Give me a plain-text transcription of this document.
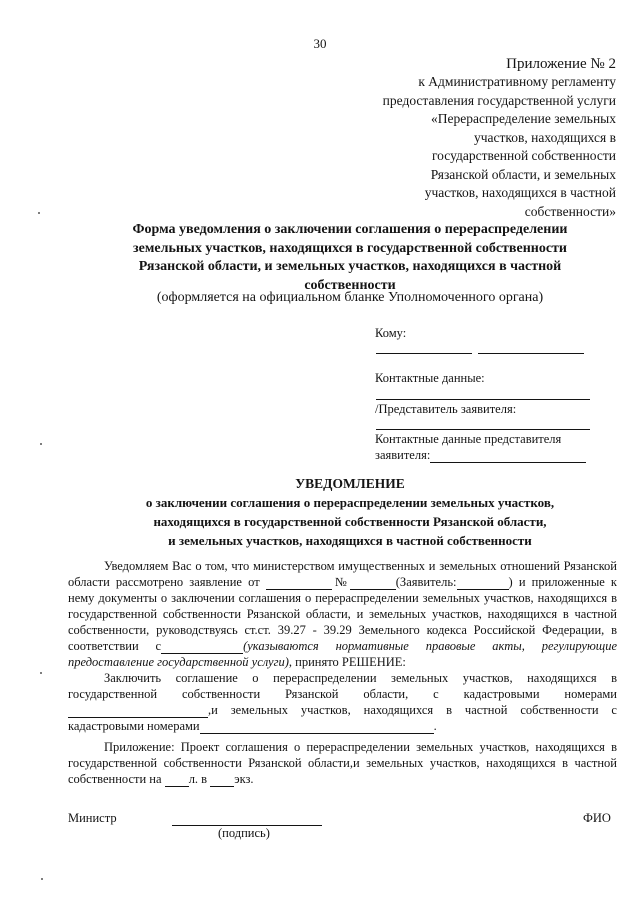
30
Приложение № 2
к Административному регламенту
предоставления государственной услуги
«Перераспределение земельных
участков, находящихся в
государственной собственности
Рязанской области, и земельных
участков, находящихся в частной
собственности»
Форма уведомления о заключении соглашения о перераспределении
земельных участков, находящихся в государственной собственности
Рязанской области, и земельных участков, находящихся в частной
собственности
(оформляется на официальном бланке Уполномоченного органа)
Кому:
Контактные данные:
/Представитель заявителя:
Контактные данные представителя
заявителя:
УВЕДОМЛЕНИЕ
о заключении соглашения о перераспределении земельных участков,
находящихся в государственной собственности Рязанской области,
и земельных участков, находящихся в частной собственности

Уведомляем Вас о том, что министерством имущественных и земельных отношений Рязанской области рассмотрено заявление от	№	(Заявитель:	) и приложенные к нему документы о заключении соглашения о перераспределении земельных участков, находящихся в государственной собственности Рязанской области, и земельных участков, находящихся в частной собственности, руководствуясь ст.ст. 39.27 - 39.29 Земельного кодекса Российской Федерации, в соответствии с	(указываются нормативные правовые акты, регулирующие предоставление государственной услуги), принято РЕШЕНИЕ:

Заключить соглашение о перераспределении земельных участков, находящихся в государственной собственности Рязанской области, с кадастровыми номерами,и земельных участков, находящихся в частной собственности с кадастровыми номерами	.

Приложение: Проект соглашения о перераспределении земельных участков, находящихся в государственной собственности Рязанской области,и земельных участков, находящихся в частной собственности на л. в экз.

Министр
(подпись)
ФИО
